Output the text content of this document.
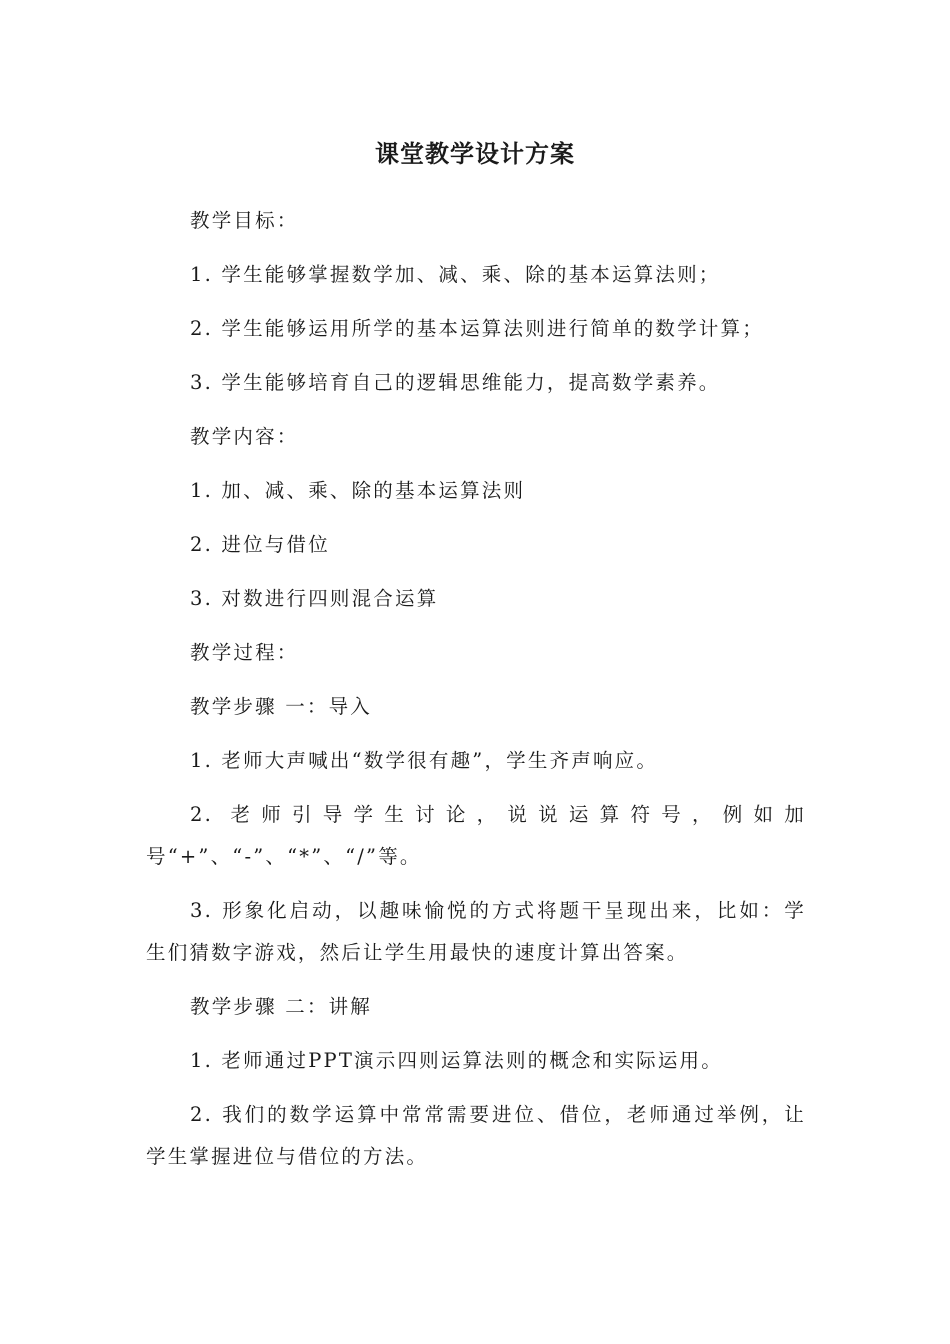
课堂教学设计方案

教学目标：

1. 学生能够掌握数学加、减、乘、除的基本运算法则；

2. 学生能够运用所学的基本运算法则进行简单的数学计算；

3. 学生能够培育自己的逻辑思维能力，提高数学素养。

教学内容：

1. 加、减、乘、除的基本运算法则

2. 进位与借位

3. 对数进行四则混合运算

教学过程：

教学步骤 一：导入

1. 老师大声喊出“数学很有趣”，学生齐声响应。

2. 老师引导学生讨论，说说运算符号，例如加号“+”、“-”、“*”、“/”等。

3. 形象化启动，以趣味愉悦的方式将题干呈现出来，比如：学生们猜数字游戏，然后让学生用最快的速度计算出答案。

教学步骤 二：讲解

1. 老师通过PPT演示四则运算法则的概念和实际运用。

2. 我们的数学运算中常常需要进位、借位，老师通过举例，让学生掌握进位与借位的方法。
